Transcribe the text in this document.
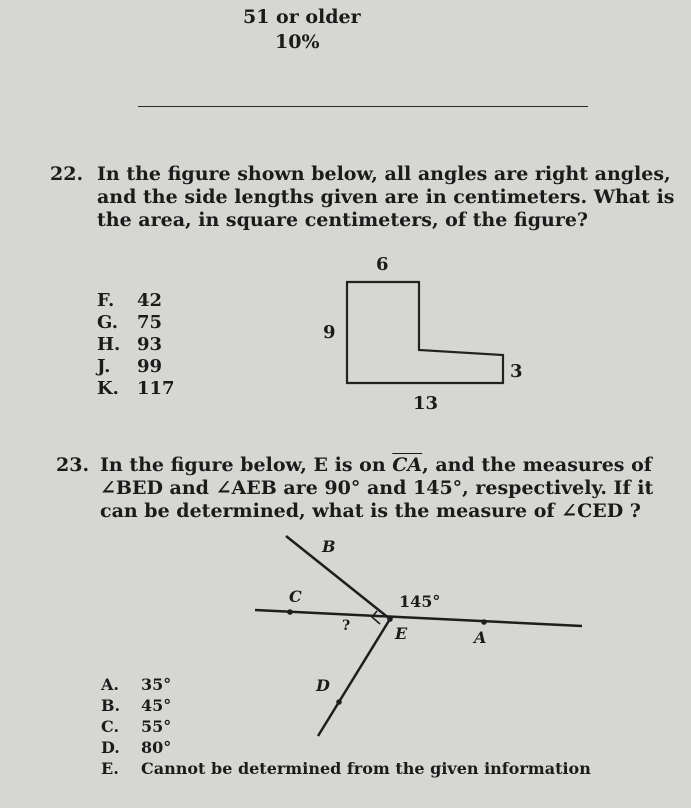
51 or older
10%
22. In the figure shown below, all angles are right angles,
and the side lengths given are in centimeters. What is
the area, in square centimeters, of the figure?
F. 42
G. 75
H. 93
J. 99
K. 117
6
9
3
13
23. In the figure below, E is on $\overline{CA}$, and the measures of
∠BED and ∠AEB are 90° and 145°, respectively. If it
can be determined, what is the measure of ∠CED ?
B
C	145°
?	E	A
D
A. 35°
B. 45°
C. 55°
D. 80°
E. Cannot be determined from the given information
